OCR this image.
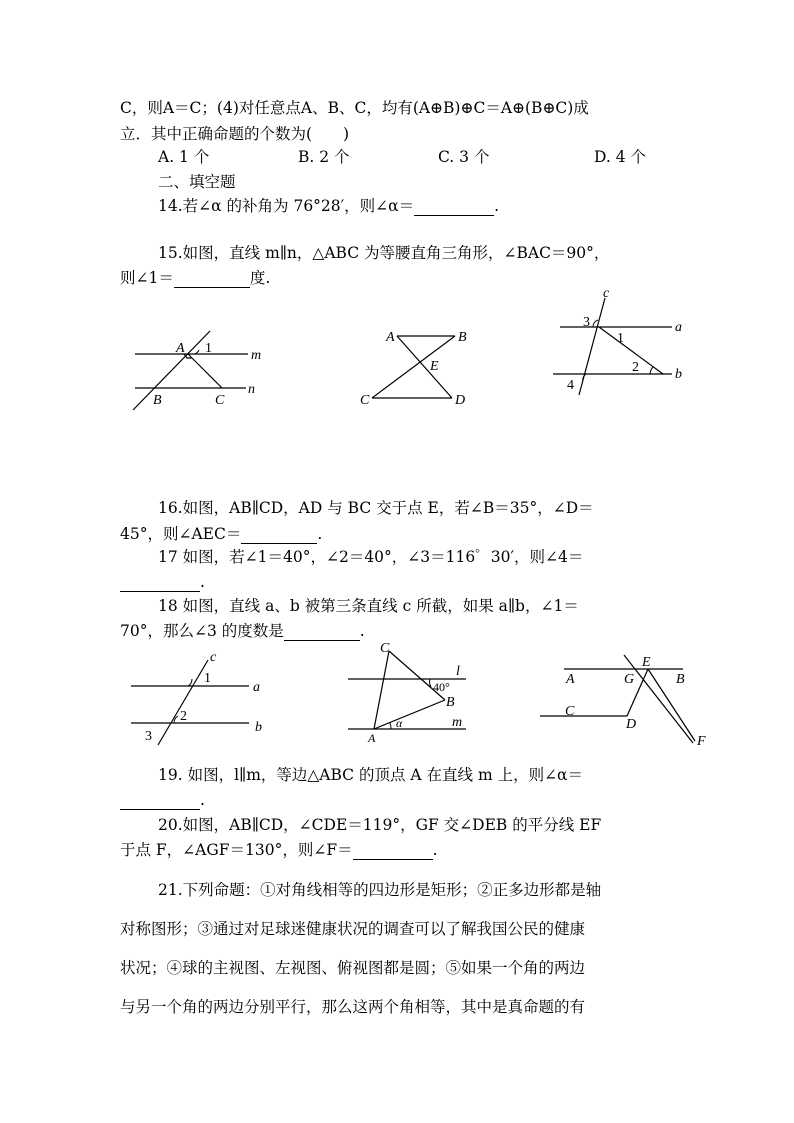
C，则A＝C；(4)对任意点A、B、C，均有(A⊕B)⊕C＝A⊕(B⊕C)成
立．其中正确命题的个数为(　　)
A. 1 个	B. 2 个	C. 3 个	D. 4 个
二、填空题
14.若∠α 的补角为 76°28′，则∠α＝	.
15.如图，直线 m∥n，△ABC 为等腰直角三角形，∠BAC＝90°，
则∠1＝	度.
A 1	m
n
B	C
A	B
E
C	D
c
3
1
a
2	b
4
16.如图，AB∥CD，AD 与 BC 交于点 E，若∠B＝35°，∠D＝
45°，则∠AEC＝	.
17 如图，若∠1＝40°，∠2＝40°，∠3＝116゜30′，则∠4＝
.
18 如图，直线 a、b 被第三条直线 c 所截，如果 a∥b，∠1＝
70°，那么∠3 的度数是	.
c
1
a
2
b
3
C
l
40°
B
α	m
A
E
A	G	B
C
D
F
19. 如图，l∥m，等边△ABC 的顶点 A 在直线 m 上，则∠α＝
.
20.如图，AB∥CD，∠CDE＝119°，GF 交∠DEB 的平分线 EF
于点 F，∠AGF＝130°，则∠F＝	.
21.下列命题：①对角线相等的四边形是矩形；②正多边形都是轴
对称图形；③通过对足球迷健康状况的调查可以了解我国公民的健康
状况；④球的主视图、左视图、俯视图都是圆；⑤如果一个角的两边
与另一个角的两边分别平行，那么这两个角相等，其中是真命题的有
